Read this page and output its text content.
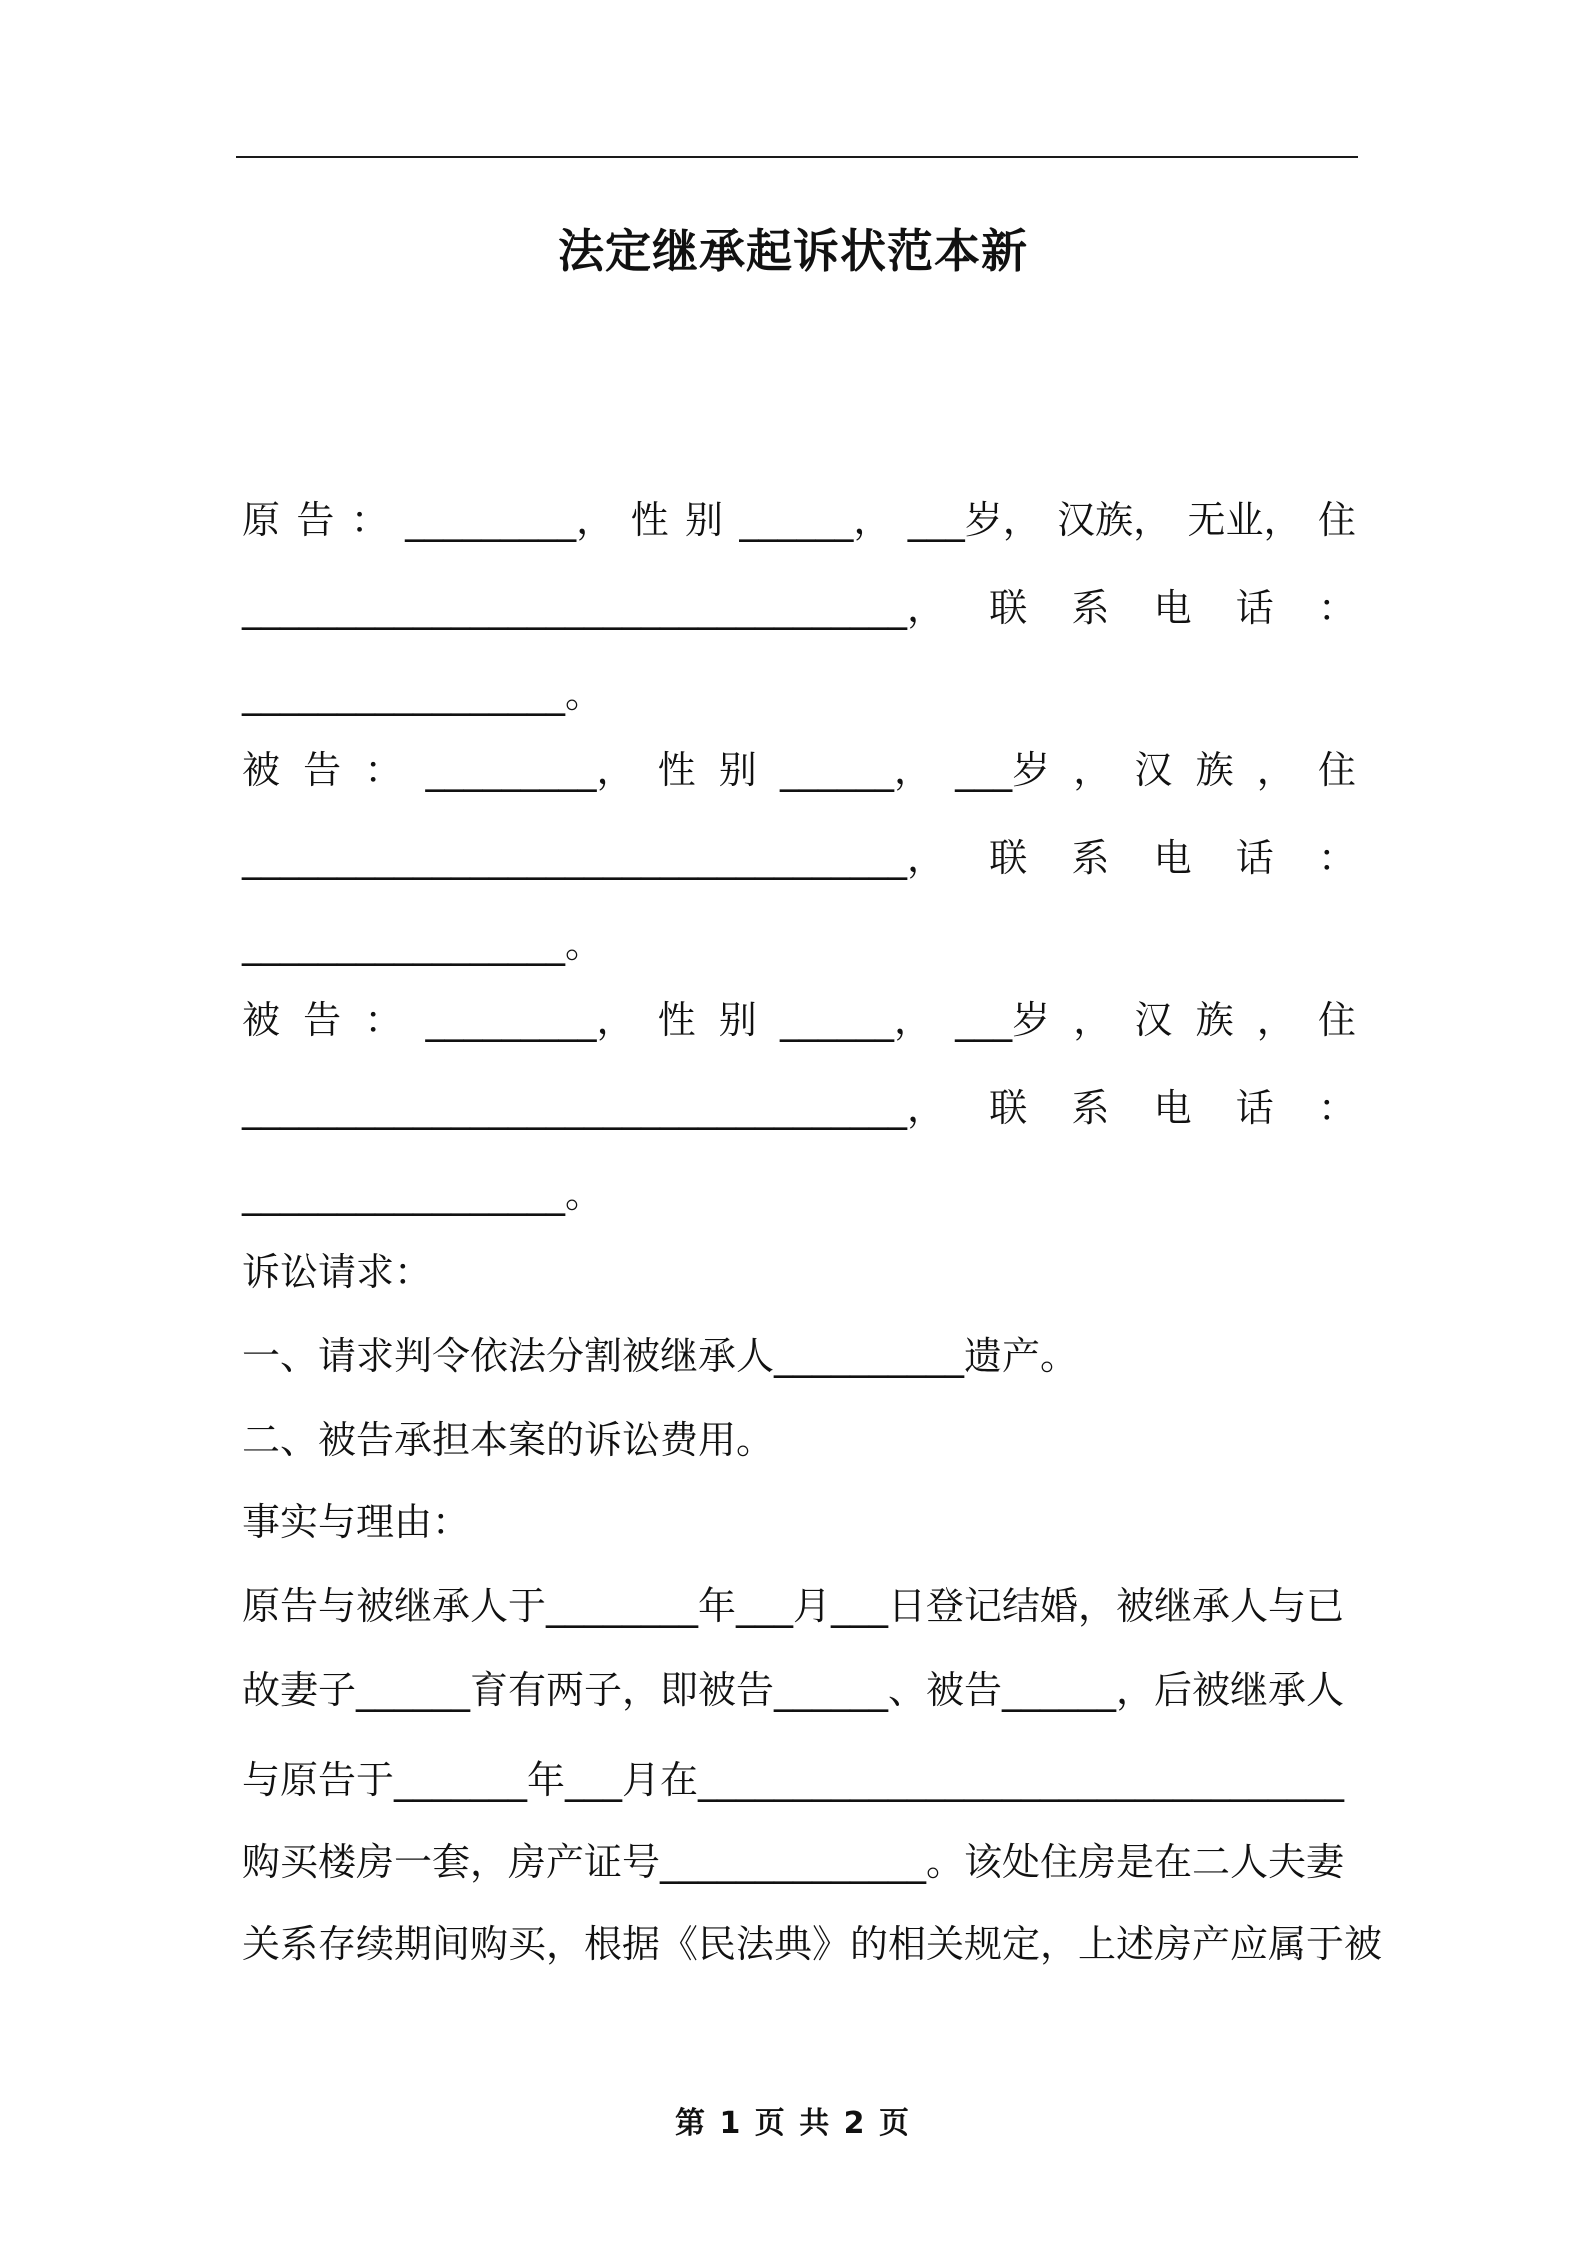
法定继承起诉状范本新
原 告 ： _________， 性 别 ______， ___岁， 汉族， 无业， 住
___________________________________， 联 系 电 话 ：
_________________。
被 告 ： _________， 性 别 ______， ___岁 ， 汉 族 ， 住
___________________________________， 联 系 电 话 ：
_________________。
被 告 ： _________， 性 别 ______， ___岁 ， 汉 族 ， 住
___________________________________， 联 系 电 话 ：
_________________。
诉讼请求：
一、请求判令依法分割被继承人__________遗产。
二、被告承担本案的诉讼费用。
事实与理由：
原告与被继承人于________年___月___日登记结婚，被继承人与已
故妻子______育有两子，即被告______、被告______，后被继承人
与原告于_______年___月在__________________________________
购买楼房一套，房产证号______________。该处住房是在二人夫妻
关系存续期间购买，根据《民法典》的相关规定，上述房产应属于被
第 1 页 共 2 页
